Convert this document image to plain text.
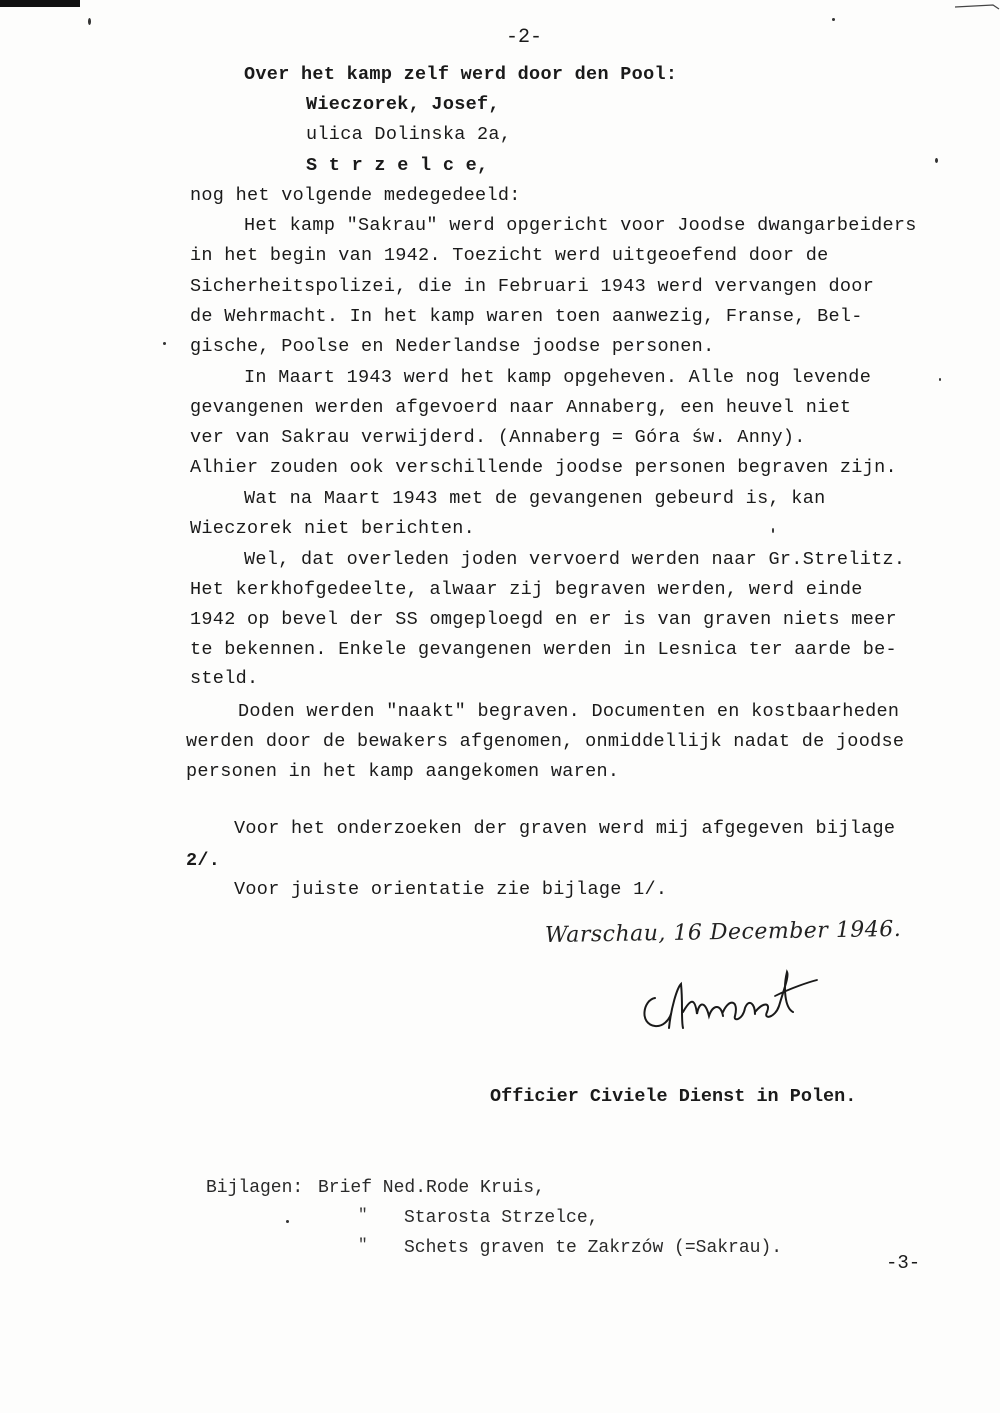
-2-
Over het kamp zelf werd door den Pool:
Wieczorek, Josef,
ulica Dolinska 2a,
S t r z e l c e,
nog het volgende medegedeeld:
Het kamp "Sakrau" werd opgericht voor Joodse dwangarbeiders
in het begin van 1942. Toezicht werd uitgeoefend door de
Sicherheitspolizei, die in Februari 1943 werd vervangen door
de Wehrmacht. In het kamp waren toen aanwezig, Franse, Bel-
gische, Poolse en Nederlandse joodse personen.
In Maart 1943 werd het kamp opgeheven. Alle nog levende
gevangenen werden afgevoerd naar Annaberg, een heuvel niet
ver van Sakrau verwijderd. (Annaberg = Góra św. Anny).
Alhier zouden ook verschillende joodse personen begraven zijn.
Wat na Maart 1943 met de gevangenen gebeurd is, kan
Wieczorek niet berichten.
Wel, dat overleden joden vervoerd werden naar Gr.Strelitz.
Het kerkhofgedeelte, alwaar zij begraven werden, werd einde
1942 op bevel der SS omgeploegd en er is van graven niets meer
te bekennen. Enkele gevangenen werden in Lesnica ter aarde be-
steld.
Doden werden "naakt" begraven. Documenten en kostbaarheden
werden door de bewakers afgenomen, onmiddellijk nadat de joodse
personen in het kamp aangekomen waren.
Voor het onderzoeken der graven werd mij afgegeven bijlage
2/.
Voor juiste orientatie zie bijlage 1/.
Warschau, 16 December 1946.
Officier Civiele Dienst in Polen.
Bijlagen: Brief Ned.Rode Kruis,
" Starosta Strzelce,
" Schets graven te Zakrzów (=Sakrau).
-3-
